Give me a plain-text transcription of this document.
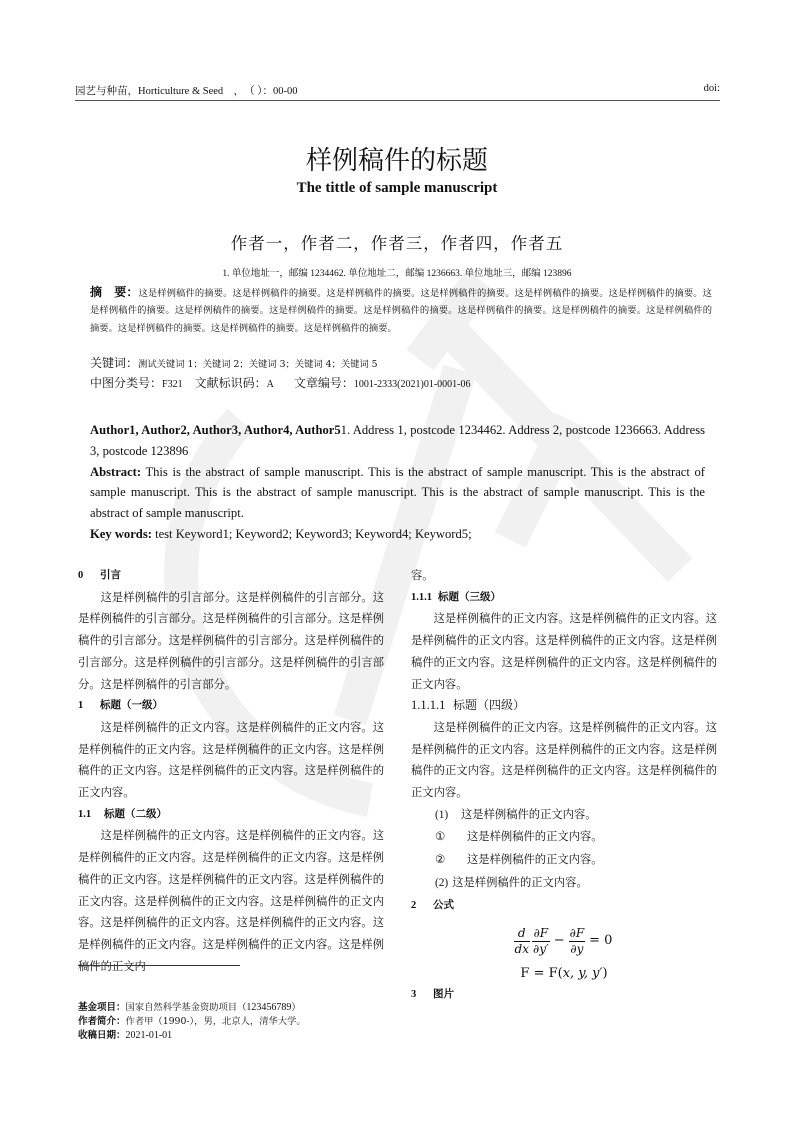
园艺与种苗，Horticulture & Seed　，　（ ）：00-00	doi:
样例稿件的标题
The tittle of sample manuscript
作者一，作者二，作者三，作者四，作者五
1. 单位地址一，邮编 1234462. 单位地址二，邮编 1236663. 单位地址三，邮编 123896
摘　要：这是样例稿件的摘要。这是样例稿件的摘要。这是样例稿件的摘要。这是样例稿件的摘要。这是样例稿件的摘要。这是样例稿件的摘要。这是样例稿件的摘要。这是样例稿件的摘要。这是样例稿件的摘要。这是样例稿件的摘要。这是样例稿件的摘要。这是样例稿件的摘要。这是样例稿件的摘要。这是样例稿件的摘要。这是样例稿件的摘要。这是样例稿件的摘要。
关键词：测试关键词 1；关键词 2；关键词 3；关键词 4；关键词 5
中图分类号：F321 文献标识码：A 文章编号：1001-2333(2021)01-0001-06

Author1, Author2, Author3, Author4, Author51. Address 1, postcode 1234462. Address 2, postcode 1236663. Address 3, postcode 123896

Abstract: This is the abstract of sample manuscript. This is the abstract of sample manuscript. This is the abstract of sample manuscript. This is the abstract of sample manuscript. This is the abstract of sample manuscript. This is the abstract of sample manuscript.

Key words: test Keyword1; Keyword2; Keyword3; Keyword4; Keyword5;

0 引言

这是样例稿件的引言部分。这是样例稿件的引言部分。这是样例稿件的引言部分。这是样例稿件的引言部分。这是样例稿件的引言部分。这是样例稿件的引言部分。这是样例稿件的引言部分。这是样例稿件的引言部分。这是样例稿件的引言部分。这是样例稿件的引言部分。

1 标题（一级）

这是样例稿件的正文内容。这是样例稿件的正文内容。这是样例稿件的正文内容。这是样例稿件的正文内容。这是样例稿件的正文内容。这是样例稿件的正文内容。这是样例稿件的正文内容。

1.1 标题（二级）

这是样例稿件的正文内容。这是样例稿件的正文内容。这是样例稿件的正文内容。这是样例稿件的正文内容。这是样例稿件的正文内容。这是样例稿件的正文内容。这是样例稿件的正文内容。这是样例稿件的正文内容。这是样例稿件的正文内容。这是样例稿件的正文内容。这是样例稿件的正文内容。这是样例稿件的正文内容。这是样例稿件的正文内容。这是样例稿件的正文内

容。

1.1.1 标题（三级）

这是样例稿件的正文内容。这是样例稿件的正文内容。这是样例稿件的正文内容。这是样例稿件的正文内容。这是样例稿件的正文内容。这是样例稿件的正文内容。这是样例稿件的正文内容。

1.1.1.1 标题（四级）

这是样例稿件的正文内容。这是样例稿件的正文内容。这是样例稿件的正文内容。这是样例稿件的正文内容。这是样例稿件的正文内容。这是样例稿件的正文内容。这是样例稿件的正文内容。

(1) 这是样例稿件的正文内容。

① 这是样例稿件的正文内容。

② 这是样例稿件的正文内容。

(2) 这是样例稿件的正文内容。

2 公式

$\frac{d}{dx} \frac{\partial F}{\partial y'} - \frac{\partial F}{\partial y} = 0$
F = F(x, y, y′)

3 图片

基金项目：国家自然科学基金资助项目（123456789）
作者简介：作者甲（1990-），男，北京人，清华大学。
收稿日期：2021-01-01
